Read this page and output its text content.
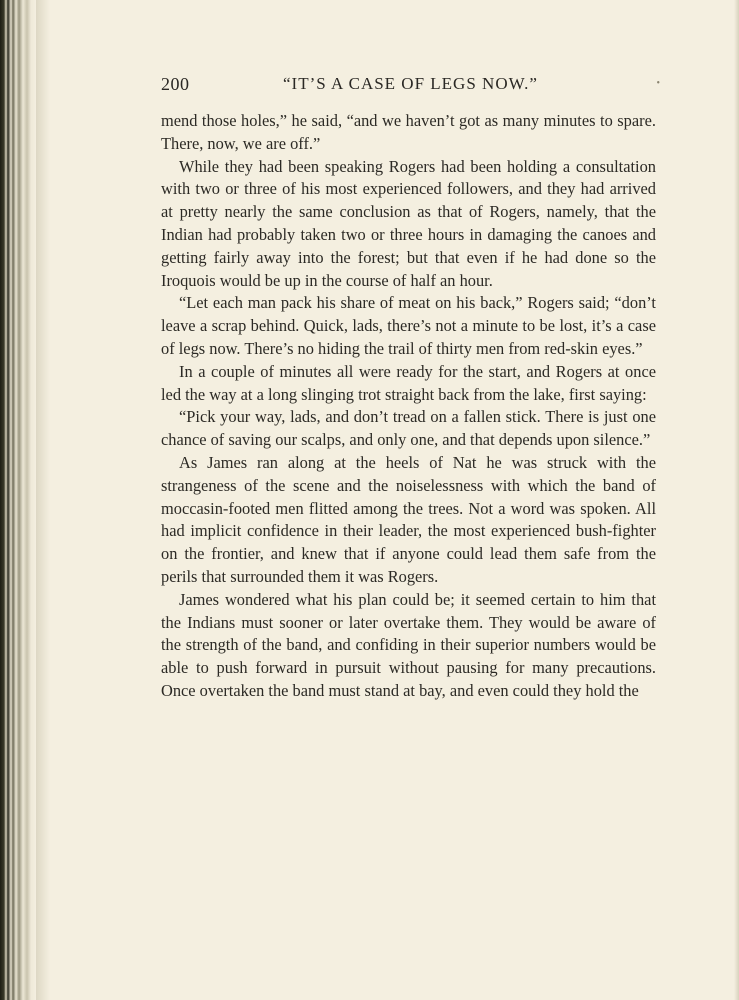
200	“IT’S A CASE OF LEGS NOW.”	•

mend those holes,” he said, “and we haven’t got as many minutes to spare. There, now, we are off.”

While they had been speaking Rogers had been holding a consultation with two or three of his most experienced followers, and they had arrived at pretty nearly the same conclusion as that of Rogers, namely, that the Indian had probably taken two or three hours in damaging the canoes and getting fairly away into the forest; but that even if he had done so the Iroquois would be up in the course of half an hour.

“Let each man pack his share of meat on his back,” Rogers said; “don’t leave a scrap behind. Quick, lads, there’s not a minute to be lost, it’s a case of legs now. There’s no hiding the trail of thirty men from red-skin eyes.”

In a couple of minutes all were ready for the start, and Rogers at once led the way at a long slinging trot straight back from the lake, first saying:

“Pick your way, lads, and don’t tread on a fallen stick. There is just one chance of saving our scalps, and only one, and that depends upon silence.”

As James ran along at the heels of Nat he was struck with the strangeness of the scene and the noiselessness with which the band of moccasin-footed men flitted among the trees. Not a word was spoken. All had implicit confidence in their leader, the most experienced bush-fighter on the frontier, and knew that if anyone could lead them safe from the perils that surrounded them it was Rogers.

James wondered what his plan could be; it seemed certain to him that the Indians must sooner or later overtake them. They would be aware of the strength of the band, and confiding in their superior numbers would be able to push forward in pursuit without pausing for many precautions. Once overtaken the band must stand at bay, and even could they hold the
